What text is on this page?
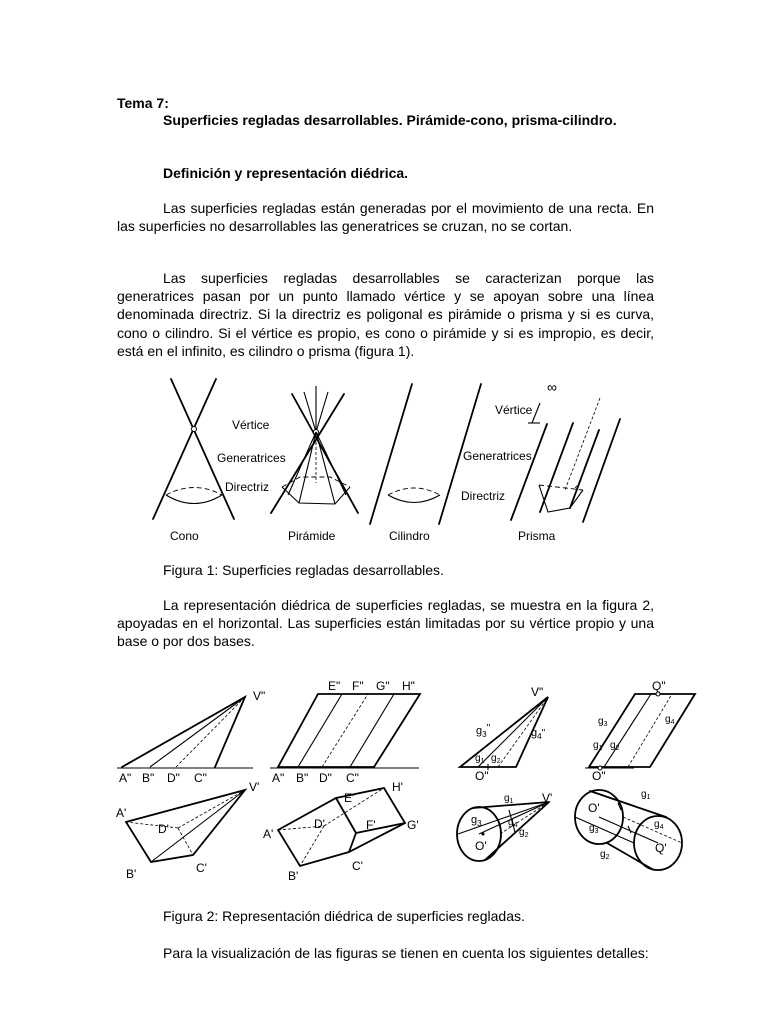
Tema 7:
Superficies regladas desarrollables. Pirámide-cono, prisma-cilindro.
Definición y representación diédrica.

Las superficies regladas están generadas por el movimiento de una recta. En las superficies no desarrollables las generatrices se cruzan, no se cortan.

Las superficies regladas desarrollables se caracterizan porque las generatrices pasan por un punto llamado vértice y se apoyan sobre una línea denominada directriz. Si la directriz es poligonal es pirámide o prisma y si es curva, cono o cilindro. Si el vértice es propio, es cono o pirámide y si es impropio, es decir, está en el infinito, es cilindro o prisma (figura 1).

∞
Vértice
Generatrices
Directriz
Vértice
Generatrices
Directriz
Cono	Pirámide	Cilindro	Prisma
Figura 1: Superficies regladas desarrollables.

La representación diédrica de superficies regladas, se muestra en la figura 2, apoyadas en el horizontal. Las superficies están limitadas por su vértice propio y una base o por dos bases.

A" B" D" C"
V"
A'
D'
B'	C'
V'
E" F" G" H"
A" B" D" C"
H'
E'
D'	F'	G'
A'
C'
B'
V"
$g_3$"	$g_4$"
$g_1$ $g_2$
O"
$g_1$ V'
$g_3$	$g_4$
$g_2$
O'
Q"
$g_3$	$g_4$
$g_1$ $g_2$
O"
O'
$g_1$
$g_3$
$g_4$
Q'
$g_2$
Figura 2: Representación diédrica de superficies regladas.

Para la visualización de las figuras se tienen en cuenta los siguientes detalles:
